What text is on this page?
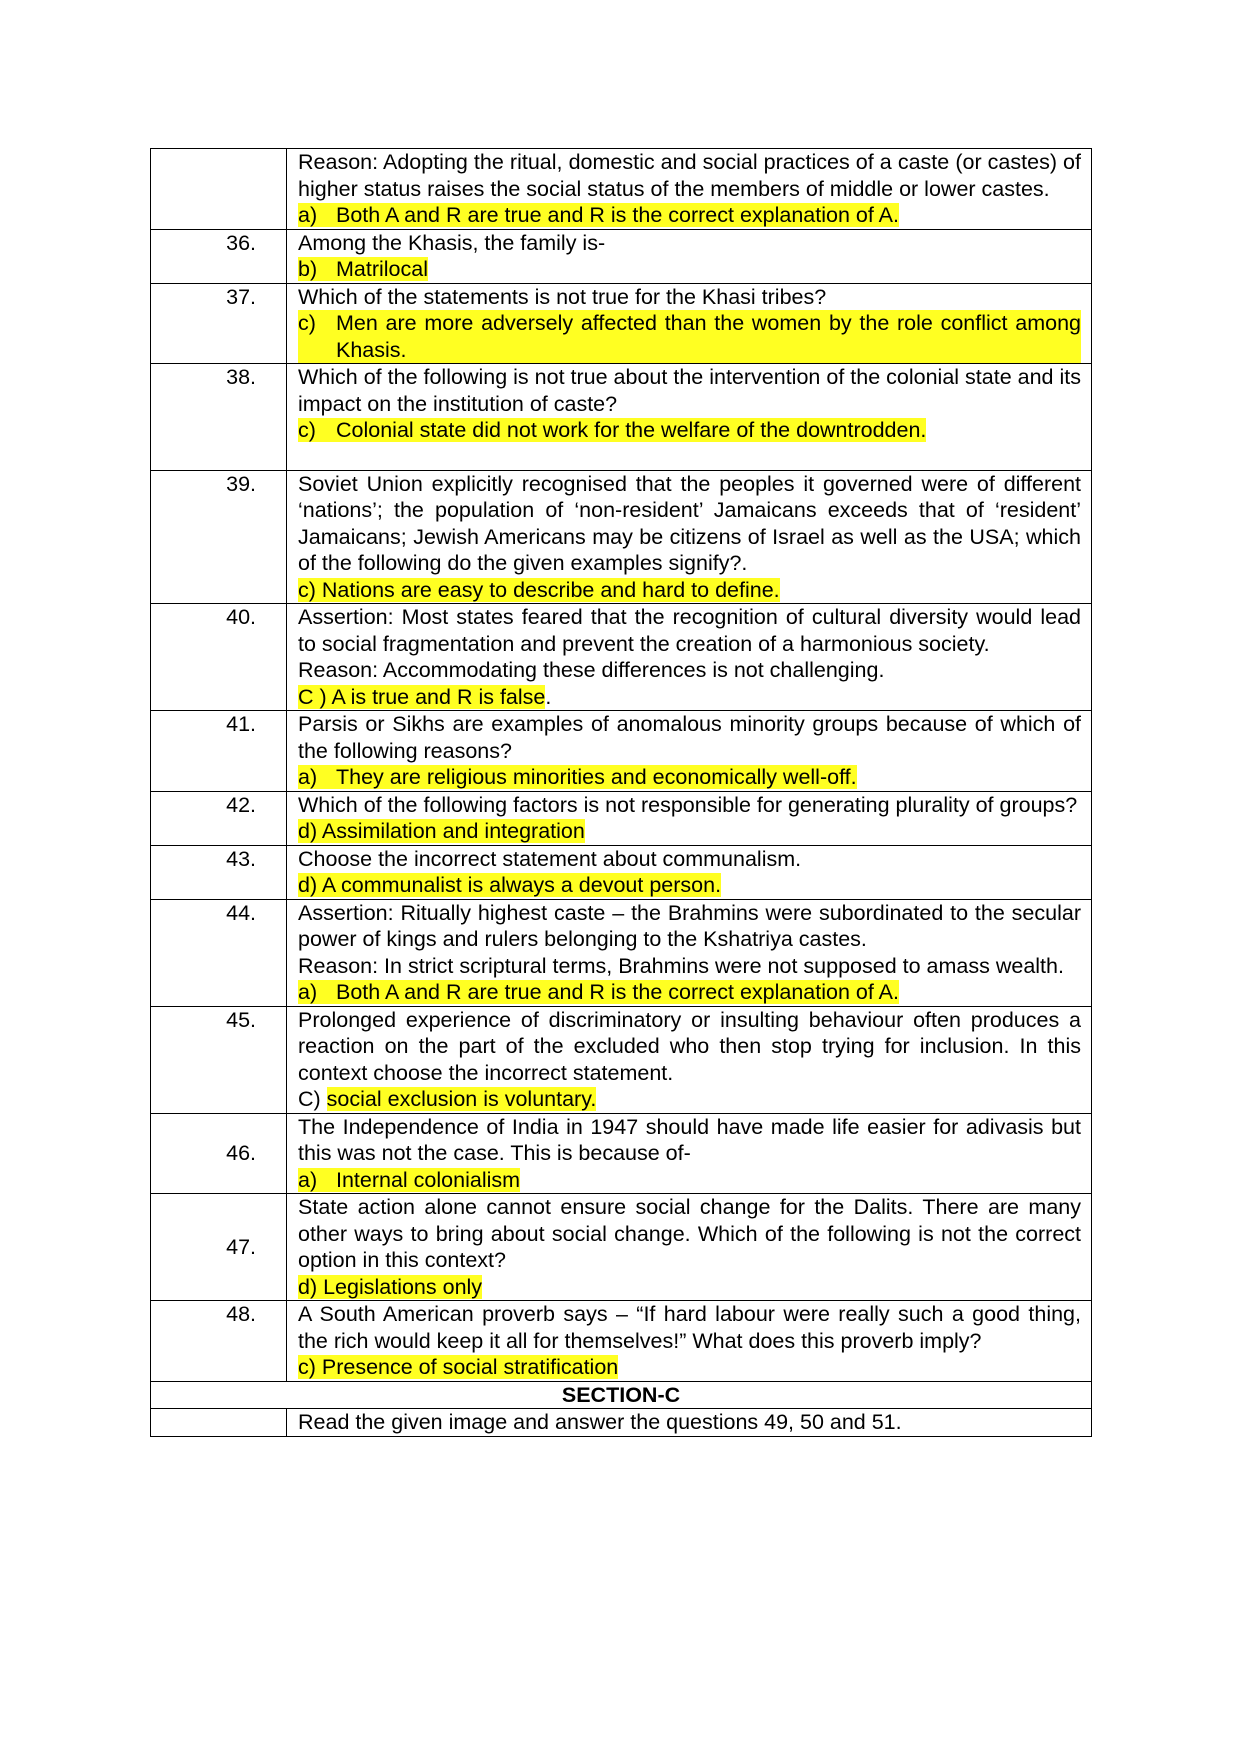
	Reason: Adopting the ritual, domestic and social practices of a caste (or castes) of higher status raises the social status of the members of middle or lower castes.
a) Both A and R are true and R is the correct explanation of A.

36.	Among the Khasis, the family is-
b) Matrilocal

37.	Which of the statements is not true for the Khasi tribes?
c) Men are more adversely affected than the women by the role conflict among Khasis.

38.	Which of the following is not true about the intervention of the colonial state and its impact on the institution of caste?
c) Colonial state did not work for the welfare of the downtrodden.

39.	Soviet Union explicitly recognised that the peoples it governed were of different ‘nations’; the population of ‘non-resident’ Jamaicans exceeds that of ‘resident’ Jamaicans; Jewish Americans may be citizens of Israel as well as the USA; which of the following do the given examples signify?.
c) Nations are easy to describe and hard to define.

40.	Assertion: Most states feared that the recognition of cultural diversity would lead to social fragmentation and prevent the creation of a harmonious society.
Reason: Accommodating these differences is not challenging.
C ) A is true and R is false.

41.	Parsis or Sikhs are examples of anomalous minority groups because of which of the following reasons?
a) They are religious minorities and economically well-off.

42.	Which of the following factors is not responsible for generating plurality of groups?
d) Assimilation and integration

43.	Choose the incorrect statement about communalism.
d) A communalist is always a devout person.

44.	Assertion: Ritually highest caste – the Brahmins were subordinated to the secular power of kings and rulers belonging to the Kshatriya castes.
Reason: In strict scriptural terms, Brahmins were not supposed to amass wealth.
a) Both A and R are true and R is the correct explanation of A.

45.	Prolonged experience of discriminatory or insulting behaviour often produces a reaction on the part of the excluded who then stop trying for inclusion. In this context choose the incorrect statement.
C) social exclusion is voluntary.

46.	The Independence of India in 1947 should have made life easier for adivasis but this was not the case. This is because of-
a) Internal colonialism

47.	State action alone cannot ensure social change for the Dalits. There are many other ways to bring about social change. Which of the following is not the correct option in this context?
d) Legislations only

48.	A South American proverb says – “If hard labour were really such a good thing, the rich would keep it all for themselves!” What does this proverb imply?
c) Presence of social stratification

SECTION-C	
	Read the given image and answer the questions 49, 50 and 51.
